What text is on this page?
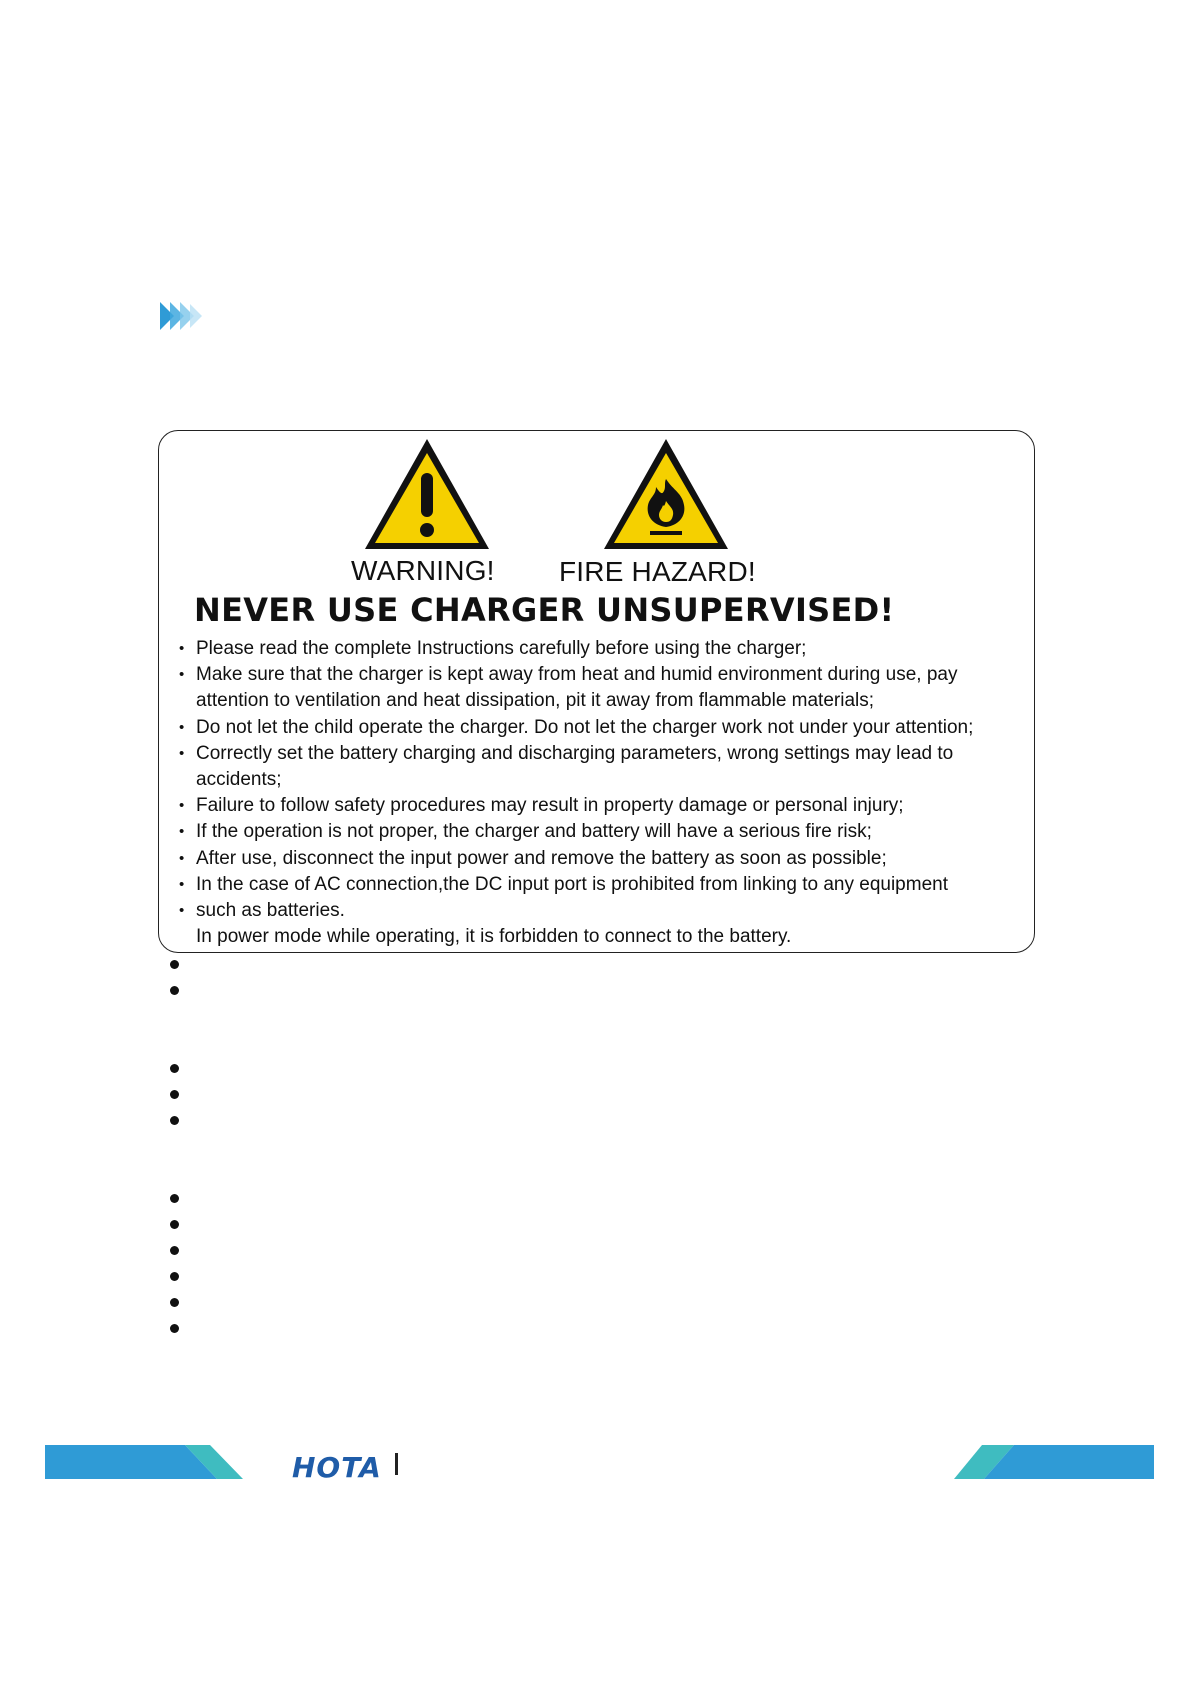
WARNING! FIRE HAZARD!
NEVER USE CHARGER UNSUPERVISED!
• Please read the complete Instructions carefully before using the charger;
• Make sure that the charger is kept away from heat and humid environment during use, pay
attention to ventilation and heat dissipation, pit it away from flammable materials;
• Do not let the child operate the charger. Do not let the charger work not under your attention;
• Correctly set the battery charging and discharging parameters, wrong settings may lead to
accidents;
• Failure to follow safety procedures may result in property damage or personal injury;
• If the operation is not proper, the charger and battery will have a serious fire risk;
• After use, disconnect the input power and remove the battery as soon as possible;
• In the case of AC connection,the DC input port is prohibited from linking to any equipment
• such as batteries.
In power mode while operating, it is forbidden to connect to the battery.
HOTA
